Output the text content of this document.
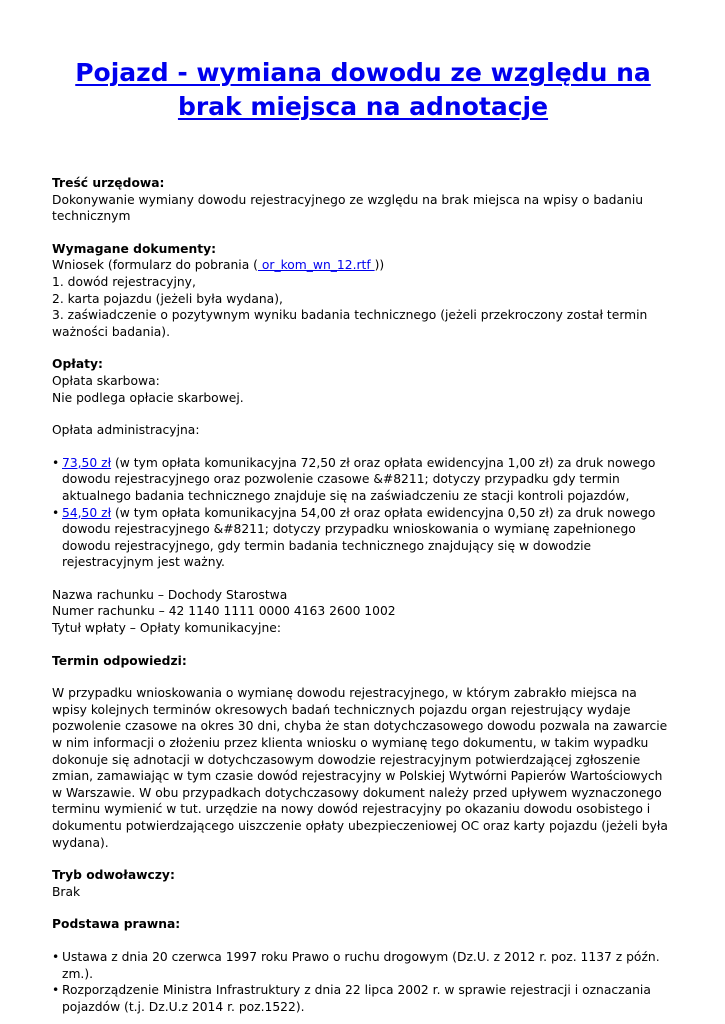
Pojazd - wymiana dowodu ze względu na brak miejsca na adnotacje

Treść urzędowa:

Dokonywanie wymiany dowodu rejestracyjnego ze względu na brak miejsca na wpisy o badaniu technicznym

Wymagane dokumenty:

Wniosek (formularz do pobrania ( or_kom_wn_12.rtf ))

1. dowód rejestracyjny,

2. karta pojazdu (jeżeli była wydana),

3. zaświadczenie o pozytywnym wyniku badania technicznego (jeżeli przekroczony został termin ważności badania).

Opłaty:

Opłata skarbowa:

Nie podlega opłacie skarbowej.

Opłata administracyjna:

• 73,50 zł (w tym opłata komunikacyjna 72,50 zł oraz opłata ewidencyjna 1,00 zł) za druk nowego dowodu rejestracyjnego oraz pozwolenie czasowe &#8211; dotyczy przypadku gdy termin aktualnego badania technicznego znajduje się na zaświadczeniu ze stacji kontroli pojazdów,
• 54,50 zł (w tym opłata komunikacyjna 54,00 zł oraz opłata ewidencyjna 0,50 zł) za druk nowego dowodu rejestracyjnego &#8211; dotyczy przypadku wnioskowania o wymianę zapełnionego dowodu rejestracyjnego, gdy termin badania technicznego znajdujący się w dowodzie rejestracyjnym jest ważny.

Nazwa rachunku – Dochody Starostwa

Numer rachunku – 42 1140 1111 0000 4163 2600 1002

Tytuł wpłaty – Opłaty komunikacyjne:

Termin odpowiedzi:

W przypadku wnioskowania o wymianę dowodu rejestracyjnego, w którym zabrakło miejsca na wpisy kolejnych terminów okresowych badań technicznych pojazdu organ rejestrujący wydaje pozwolenie czasowe na okres 30 dni, chyba że stan dotychczasowego dowodu pozwala na zawarcie w nim informacji o złożeniu przez klienta wniosku o wymianę tego dokumentu, w takim wypadku dokonuje się adnotacji w dotychczasowym dowodzie rejestracyjnym potwierdzającej zgłoszenie zmian, zamawiając w tym czasie dowód rejestracyjny w Polskiej Wytwórni Papierów Wartościowych w Warszawie. W obu przypadkach dotychczasowy dokument należy przed upływem wyznaczonego terminu wymienić w tut. urzędzie na nowy dowód rejestracyjny po okazaniu dowodu osobistego i dokumentu potwierdzającego uiszczenie opłaty ubezpieczeniowej OC oraz karty pojazdu (jeżeli była wydana).

Tryb odwoławczy:

Brak

Podstawa prawna:

• Ustawa z dnia 20 czerwca 1997 roku Prawo o ruchu drogowym (Dz.U. z 2012 r. poz. 1137 z późn. zm.).
• Rozporządzenie Ministra Infrastruktury z dnia 22 lipca 2002 r. w sprawie rejestracji i oznaczania pojazdów (t.j. Dz.U.z 2014 r. poz.1522).
